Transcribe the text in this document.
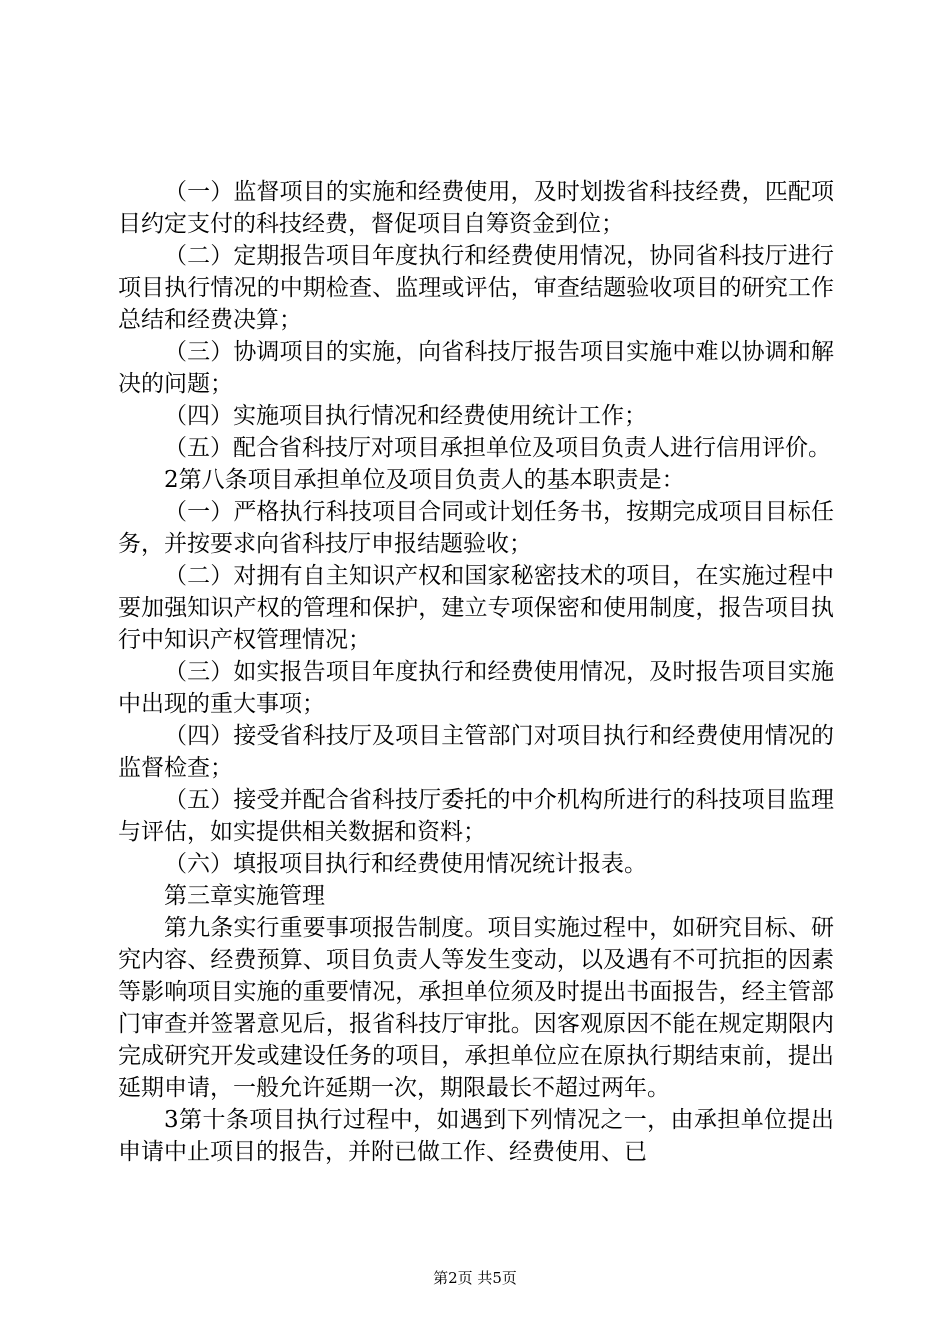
（一）监督项目的实施和经费使用，及时划拨省科技经费，匹配项目约定支付的科技经费，督促项目自筹资金到位；

（二）定期报告项目年度执行和经费使用情况，协同省科技厅进行项目执行情况的中期检查、监理或评估，审查结题验收项目的研究工作总结和经费决算；

（三）协调项目的实施，向省科技厅报告项目实施中难以协调和解决的问题；

（四）实施项目执行情况和经费使用统计工作；

（五）配合省科技厅对项目承担单位及项目负责人进行信用评价。

2第八条项目承担单位及项目负责人的基本职责是：

（一）严格执行科技项目合同或计划任务书，按期完成项目目标任务，并按要求向省科技厅申报结题验收；

（二）对拥有自主知识产权和国家秘密技术的项目，在实施过程中要加强知识产权的管理和保护，建立专项保密和使用制度，报告项目执行中知识产权管理情况；

（三）如实报告项目年度执行和经费使用情况，及时报告项目实施中出现的重大事项；

（四）接受省科技厅及项目主管部门对项目执行和经费使用情况的监督检查；

（五）接受并配合省科技厅委托的中介机构所进行的科技项目监理与评估，如实提供相关数据和资料；

（六）填报项目执行和经费使用情况统计报表。

第三章实施管理

第九条实行重要事项报告制度。项目实施过程中，如研究目标、研究内容、经费预算、项目负责人等发生变动，以及遇有不可抗拒的因素等影响项目实施的重要情况，承担单位须及时提出书面报告，经主管部门审查并签署意见后，报省科技厅审批。因客观原因不能在规定期限内完成研究开发或建设任务的项目，承担单位应在原执行期结束前，提出延期申请，一般允许延期一次，期限最长不超过两年。

3第十条项目执行过程中，如遇到下列情况之一，由承担单位提出申请中止项目的报告，并附已做工作、经费使用、已

第2页 共5页
